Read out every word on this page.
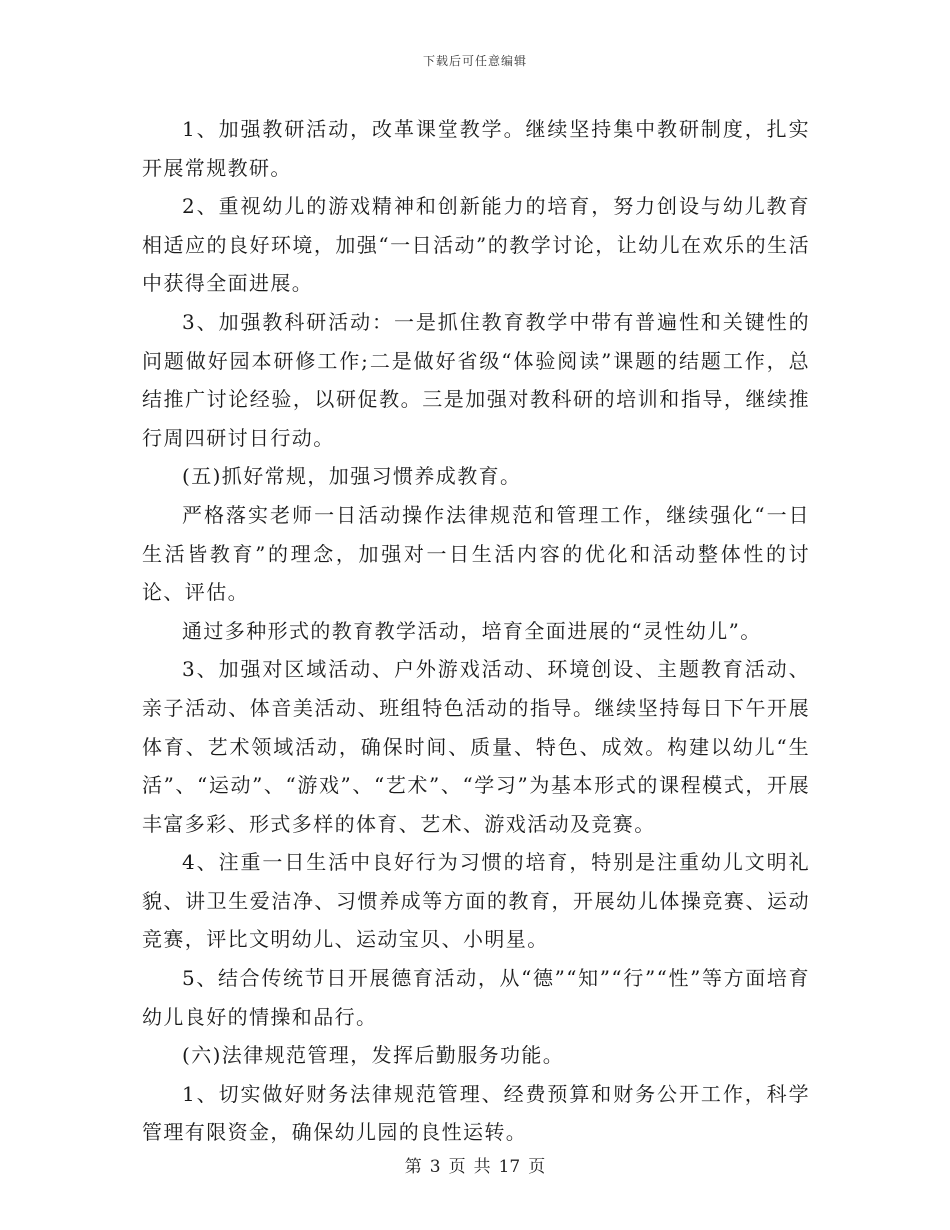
下载后可任意编辑

1、加强教研活动，改革课堂教学。继续坚持集中教研制度，扎实开展常规教研。

2、重视幼儿的游戏精神和创新能力的培育，努力创设与幼儿教育相适应的良好环境，加强“一日活动”的教学讨论，让幼儿在欢乐的生活中获得全面进展。

3、加强教科研活动：一是抓住教育教学中带有普遍性和关键性的问题做好园本研修工作;二是做好省级“体验阅读”课题的结题工作，总结推广讨论经验，以研促教。三是加强对教科研的培训和指导，继续推行周四研讨日行动。

(五)抓好常规，加强习惯养成教育。

严格落实老师一日活动操作法律规范和管理工作，继续强化“一日生活皆教育”的理念，加强对一日生活内容的优化和活动整体性的讨论、评估。

通过多种形式的教育教学活动，培育全面进展的“灵性幼儿”。

3、加强对区域活动、户外游戏活动、环境创设、主题教育活动、亲子活动、体音美活动、班组特色活动的指导。继续坚持每日下午开展体育、艺术领域活动，确保时间、质量、特色、成效。构建以幼儿“生活”、“运动”、“游戏”、“艺术”、“学习”为基本形式的课程模式，开展丰富多彩、形式多样的体育、艺术、游戏活动及竞赛。

4、注重一日生活中良好行为习惯的培育，特别是注重幼儿文明礼貌、讲卫生爱洁净、习惯养成等方面的教育，开展幼儿体操竞赛、运动竞赛，评比文明幼儿、运动宝贝、小明星。

5、结合传统节日开展德育活动，从“德”“知”“行”“性”等方面培育幼儿良好的情操和品行。

(六)法律规范管理，发挥后勤服务功能。

1、切实做好财务法律规范管理、经费预算和财务公开工作，科学管理有限资金，确保幼儿园的良性运转。

第 3 页 共 17 页
